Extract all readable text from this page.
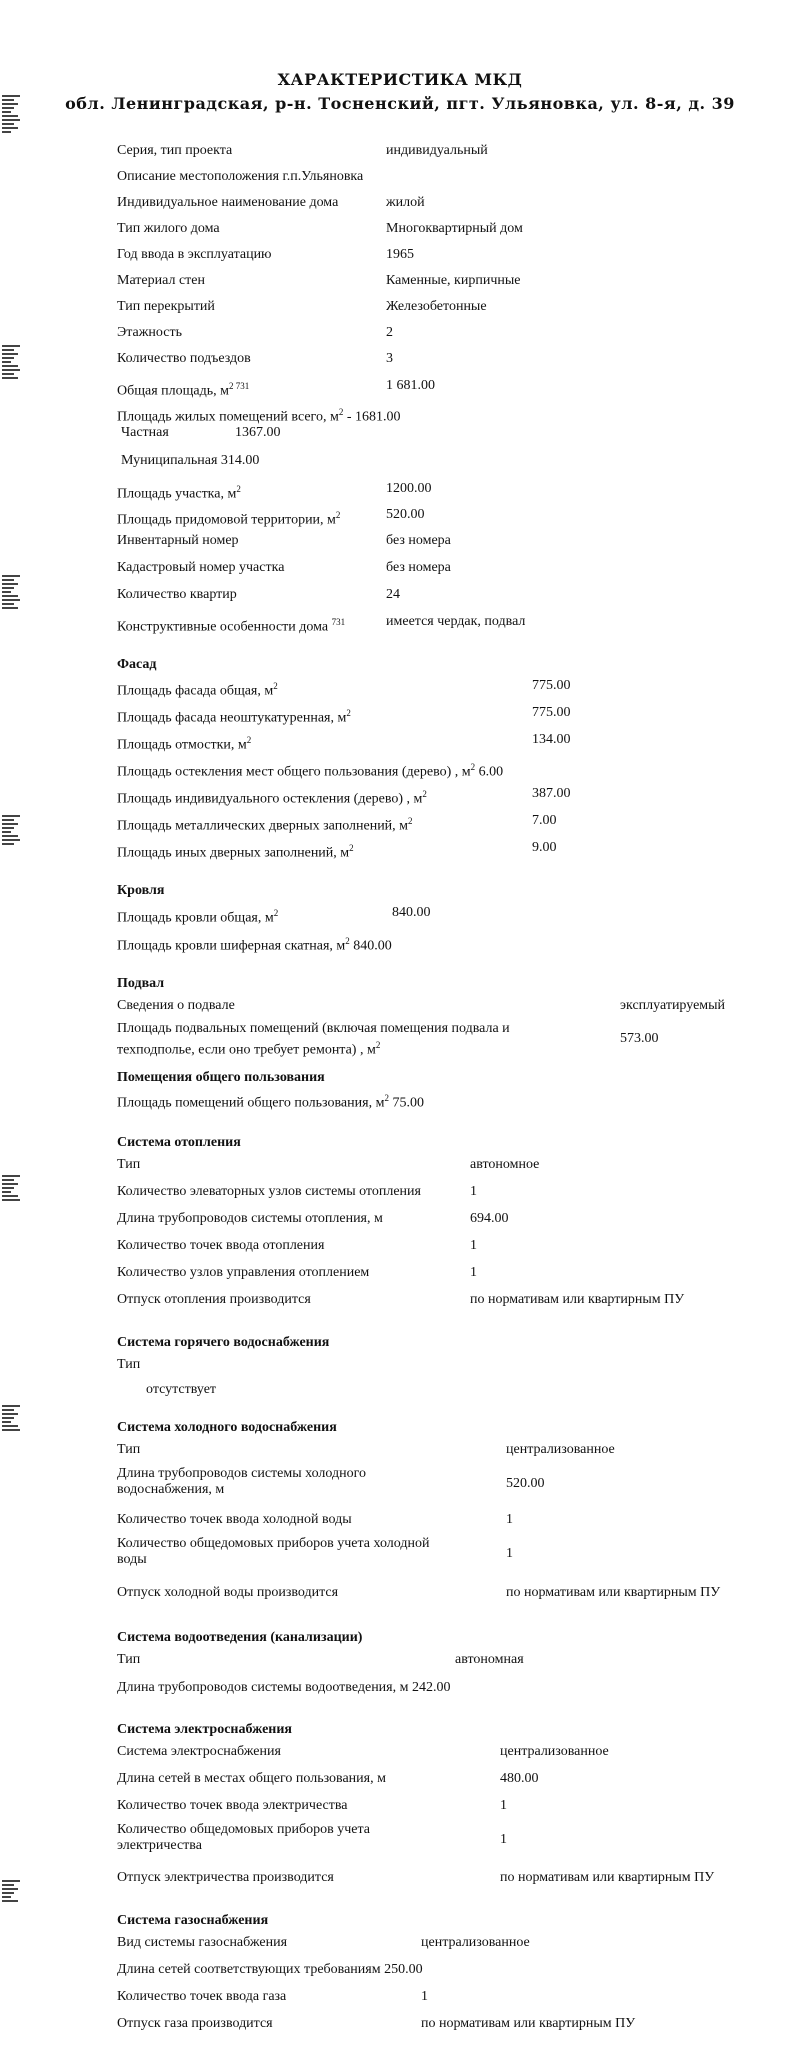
ХАРАКТЕРИСТИКА МКД
обл. Ленинградская, р-н. Тосненский, пгт. Ульяновка, ул. 8-я, д. 39
Серия, тип проекта	индивидуальный
Описание местоположения г.п.Ульяновка
Индивидуальное наименование дома	жилой
Тип жилого дома	Многоквартирный дом
Год ввода в эксплуатацию	1965
Материал стен	Каменные, кирпичные
Тип перекрытий	Железобетонные
Этажность	2
Количество подъездов	3
Общая площадь, $м^{2 731}$	1 681.00
Площадь жилых помещений всего, $м^2 - 1681.00$
Частная	1367.00
Муниципальная 314.00
Площадь участка, $м^2$	1200.00
Площадь придомовой территории, $м^2$	520.00
Инвентарный номер	без номера
Кадастровый номер участка	без номера
Количество квартир	24
Конструктивные особенности дома $^{731}$	имеется чердак, подвал
Фасад
Площадь фасада общая, $м^2$	775.00
Площадь фасада неоштукатуренная, $м^2$	775.00
Площадь отмостки, $м^2$	134.00
Площадь остекления мест общего пользования (дерево) , $м^2$ 6.00
Площадь индивидуального остекления (дерево) , $м^2$	387.00
Площадь металлических дверных заполнений, $м^2$	7.00
Площадь иных дверных заполнений, $м^2$	9.00
Кровля
Площадь кровли общая, $м^2$	840.00
Площадь кровли шиферная скатная, $м^2$ 840.00
Подвал
Сведения о подвале	эксплуатируемый
Площадь подвальных помещений (включая помещения подвала и техподполье, если оно требует ремонта) , $м^2$	573.00
Помещения общего пользования
Площадь помещений общего пользования, $м^2$ 75.00
Система отопления
Тип	автономное
Количество элеваторных узлов системы отопления	1
Длина трубопроводов системы отопления, м	694.00
Количество точек ввода отопления	1
Количество узлов управления отоплением	1
Отпуск отопления производится	по нормативам или квартирным ПУ
Система горячего водоснабжения
Тип
отсутствует
Система холодного водоснабжения
Тип	централизованное
Длина трубопроводов системы холодного водоснабжения, м	520.00
Количество точек ввода холодной воды	1
Количество общедомовых приборов учета холодной воды	1
Отпуск холодной воды производится	по нормативам или квартирным ПУ
Система водоотведения (канализации)
Тип	автономная
Длина трубопроводов системы водоотведения, м 242.00
Система электроснабжения
Система электроснабжения	централизованное
Длина сетей в местах общего пользования, м	480.00
Количество точек ввода электричества	1
Количество общедомовых приборов учета электричества	1
Отпуск электричества производится	по нормативам или квартирным ПУ
Система газоснабжения
Вид системы газоснабжения	централизованное
Длина сетей соответствующих требованиям 250.00
Количество точек ввода газа	1
Отпуск газа производится	по нормативам или квартирным ПУ
